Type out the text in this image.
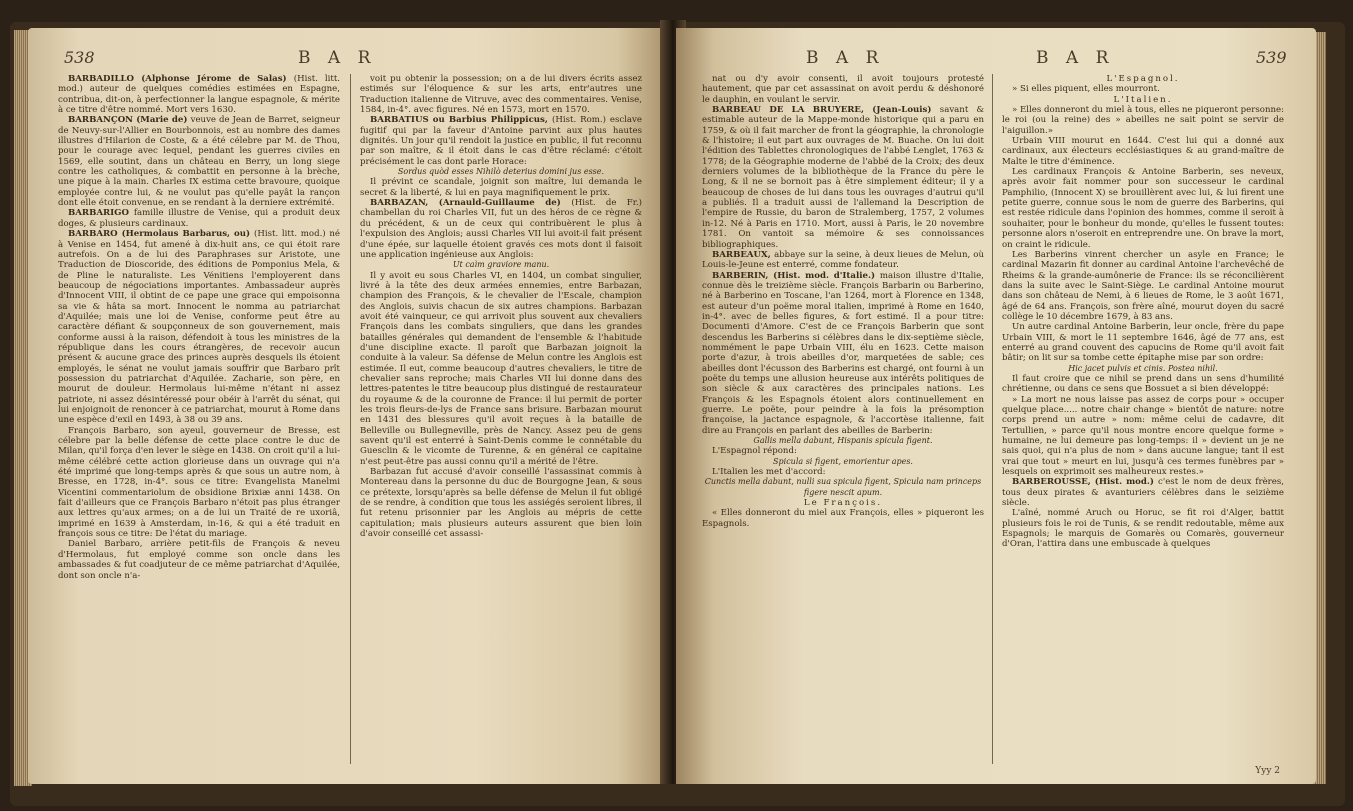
538	B A R

BARBADILLO (Alphonse Jérome de Salas) (Hist. litt. mod.) auteur de quelques comédies estimées en Espagne, contribua, dit-on, à perfectionner la langue espagnole, & mérite à ce titre d'être nommé. Mort vers 1630.

BARBANÇON (Marie de) veuve de Jean de Barret, seigneur de Neuvy-sur-l'Allier en Bourbonnois, est au nombre des dames illustres d'Hilarion de Coste, & a été célebre par M. de Thou, pour le courage avec lequel, pendant les guerres civiles en 1569, elle soutint, dans un château en Berry, un long siege contre les catholiques, & combattit en personne à la brèche, une pique à la main. Charles IX estima cette bravoure, quoique employée contre lui, & ne voulut pas qu'elle payât la rançon dont elle étoit convenue, en se rendant à la derniere extrémité.

BARBARIGO famille illustre de Venise, qui a produit deux doges, & plusieurs cardinaux.

BARBARO (Hermolaus Barbarus, ou) (Hist. litt. mod.) né à Venise en 1454, fut amené à dix-huit ans, ce qui étoit rare autrefois. On a de lui des Paraphrases sur Aristote, une Traduction de Dioscoride, des éditions de Pomponius Mela, & de Pline le naturaliste. Les Vénitiens l'employerent dans beaucoup de négociations importantes. Ambassadeur auprès d'Innocent VIII, il obtint de ce pape une grace qui empoisonna sa vie & hâta sa mort. Innocent le nomma au patriarchat d'Aquilée; mais une loi de Venise, conforme peut être au caractère défiant & soupçonneux de son gouvernement, mais conforme aussi à la raison, défendoit à tous les ministres de la république dans les cours étrangères, de recevoir aucun présent & aucune grace des princes auprès desquels ils étoient employés, le sénat ne voulut jamais souffrir que Barbaro prît possession du patriarchat d'Aquilée. Zacharie, son père, en mourut de douleur. Hermolaus lui-même n'étant ni assez patriote, ni assez désintéressé pour obéir à l'arrêt du sénat, qui lui enjoignoit de renoncer à ce patriarchat, mourut à Rome dans une espèce d'exil en 1493, à 38 ou 39 ans.

François Barbaro, son ayeul, gouverneur de Bresse, est célebre par la belle défense de cette place contre le duc de Milan, qu'il força d'en lever le siège en 1438. On croit qu'il a lui-même célébré cette action glorieuse dans un ouvrage qui n'a été imprimé que long-temps après & que sous un autre nom, à Bresse, en 1728, in-4°. sous ce titre: Evangelista Manelmi Vicentini commentariolum de obsidione Brixiæ anni 1438. On fait d'ailleurs que ce François Barbaro n'étoit pas plus étranger aux lettres qu'aux armes; on a de lui un Traité de re uxoriâ, imprimé en 1639 à Amsterdam, in-16, & qui a été traduit en françois sous ce titre: De l'état du mariage.

Daniel Barbaro, arrière petit-fils de François & neveu d'Hermolaus, fut employé comme son oncle dans les ambassades & fut coadjuteur de ce même patriarchat d'Aquilée, dont son oncle n'a-

voit pu obtenir la possession; on a de lui divers écrits assez estimés sur l'éloquence & sur les arts, entr'autres une Traduction italienne de Vitruve, avec des commentaires. Venise, 1584, in-4°. avec figures. Né en 1573, mort en 1570.

BARBATIUS ou Barbius Philippicus, (Hist. Rom.) esclave fugitif qui par la faveur d'Antoine parvint aux plus hautes dignités. Un jour qu'il rendoit la justice en public, il fut reconnu par son maître, & il étoit dans le cas d'être réclamé: c'étoit précisément le cas dont parle Horace:

Sordus quòd esses Nihilò deterius domini jus esse.

Il prévint ce scandale, joignit son maître, lui demanda le secret & la liberté, & lui en paya magnifiquement le prix.

BARBAZAN, (Arnauld-Guillaume de) (Hist. de Fr.) chambellan du roi Charles VII, fut un des héros de ce règne & du précédent, & un de ceux qui contribuèrent le plus à l'expulsion des Anglois; aussi Charles VII lui avoit-il fait présent d'une épée, sur laquelle étoient gravés ces mots dont il faisoit une application ingénieuse aux Anglois:

Ut caìm graviore manu.

Il y avoit eu sous Charles VI, en 1404, un combat singulier, livré à la tête des deux armées ennemies, entre Barbazan, champion des François, & le chevalier de l'Escale, champion des Anglois, suivis chacun de six autres champions. Barbazan avoit été vainqueur, ce qui arrivoit plus souvent aux chevaliers François dans les combats singuliers, que dans les grandes batailles générales qui demandent de l'ensemble & l'habitude d'une discipline exacte. Il paroît que Barbazan joignoit la conduite à la valeur. Sa défense de Melun contre les Anglois est estimée. Il eut, comme beaucoup d'autres chevaliers, le titre de chevalier sans reproche; mais Charles VII lui donne dans des lettres-patentes le titre beaucoup plus distingué de restaurateur du royaume & de la couronne de France: il lui permit de porter les trois fleurs-de-lys de France sans brisure. Barbazan mourut en 1431 des blessures qu'il avoit reçues à la bataille de Belleville ou Bullegneville, près de Nancy. Assez peu de gens savent qu'il est enterré à Saint-Denis comme le connétable du Guesclin & le vicomte de Turenne, & en général ce capitaine n'est peut-être pas aussi connu qu'il a mérité de l'être.

Barbazan fut accusé d'avoir conseillé l'assassinat commis à Montereau dans la personne du duc de Bourgogne Jean, & sous ce prétexte, lorsqu'après sa belle défense de Melun il fut obligé de se rendre, à condition que tous les assiégés seroient libres, il fut retenu prisonnier par les Anglois au mépris de cette capitulation; mais plusieurs auteurs assurent que bien loin d'avoir conseillé cet assassi-

B A R	B A R	539

nat ou d'y avoir consenti, il avoit toujours protesté hautement, que par cet assassinat on avoit perdu & déshonoré le dauphin, en voulant le servir.

BARBEAU DE LA BRUYERE, (Jean-Louis) savant & estimable auteur de la Mappe-monde historique qui a paru en 1759, & où il fait marcher de front la géographie, la chronologie & l'histoire; il eut part aux ouvrages de M. Buache. On lui doit l'édition des Tablettes chronologiques de l'abbé Lenglet, 1763 & 1778; de la Géographie moderne de l'abbé de la Croix; des deux derniers volumes de la bibliothèque de la France du père le Long, & il ne se bornoit pas à être simplement éditeur; il y a beaucoup de choses de lui dans tous les ouvrages d'autrui qu'il a publiés. Il a traduit aussi de l'allemand la Description de l'empire de Russie, du baron de Stralemberg, 1757, 2 volumes in-12. Né à Paris en 1710. Mort, aussi à Paris, le 20 novembre 1781. On vantoit sa mémoire & ses connoissances bibliographiques.

BARBEAUX, abbaye sur la seine, à deux lieues de Melun, où Louis-le-Jeune est enterré, comme fondateur.

BARBERIN, (Hist. mod. d'Italie.) maison illustre d'Italie, connue dès le treizième siècle. François Barbarin ou Barberino, né à Barberino en Toscane, l'an 1264, mort à Florence en 1348, est auteur d'un poëme moral italien, imprimé à Rome en 1640, in-4°. avec de belles figures, & fort estimé. Il a pour titre: Documenti d'Amore. C'est de ce François Barberin que sont descendus les Barberins si célèbres dans le dix-septième siècle, nommément le pape Urbain VIII, élu en 1623. Cette maison porte d'azur, à trois abeilles d'or, marquetées de sable; ces abeilles dont l'écusson des Barberins est chargé, ont fourni à un poëte du temps une allusion heureuse aux intérêts politiques de son siècle & aux caractères des principales nations. Les François & les Espagnols étoient alors continuellement en guerre. Le poëte, pour peindre à la fois la présomption françoise, la jactance espagnole, & l'accortèse italienne, fait dire au François en parlant des abeilles de Barberin:

Gallis mella dabunt, Hispanis spicula figent.

L'Espagnol répond:

Spicula si figent, emorientur apes.

L'Italien les met d'accord:

Cunctis mella dabunt, nulli sua spicula figent, Spicula nam princeps figere nescit apum.

Le François.

« Elles donneront du miel aux François, elles » piqueront les Espagnols.

L'Espagnol.

» Si elles piquent, elles mourront.

L'Italien.

» Elles donneront du miel à tous, elles ne piqueront personne: le roi (ou la reine) des » abeilles ne sait point se servir de l'aiguillon.»

Urbain VIII mourut en 1644. C'est lui qui a donné aux cardinaux, aux électeurs ecclésiastiques & au grand-maître de Malte le titre d'éminence.

Les cardinaux François & Antoine Barberin, ses neveux, après avoir fait nommer pour son successeur le cardinal Pamphilio, (Innocent X) se brouillèrent avec lui, & lui firent une petite guerre, connue sous le nom de guerre des Barberins, qui est restée ridicule dans l'opinion des hommes, comme il seroit à souhaiter, pour le bonheur du monde, qu'elles le fussent toutes: personne alors n'oseroit en entreprendre une. On brave la mort, on craint le ridicule.

Les Barberins vinrent chercher un asyle en France; le cardinal Mazarin fit donner au cardinal Antoine l'archevêché de Rheims & la grande-aumônerie de France: ils se réconcilièrent dans la suite avec le Saint-Siège. Le cardinal Antoine mourut dans son château de Nemi, à 6 lieues de Rome, le 3 août 1671, âgé de 64 ans. François, son frère aîné, mourut doyen du sacré collège le 10 décembre 1679, à 83 ans.

Un autre cardinal Antoine Barberin, leur oncle, frère du pape Urbain VIII, & mort le 11 septembre 1646, âgé de 77 ans, est enterré au grand couvent des capucins de Rome qu'il avoit fait bâtir; on lit sur sa tombe cette épitaphe mise par son ordre:

Hic jacet pulvis et cinis. Postea nihil.

Il faut croire que ce nihil se prend dans un sens d'humilité chrétienne, ou dans ce sens que Bossuet a si bien développé:

» La mort ne nous laisse pas assez de corps pour » occuper quelque place..... notre chair change » bientôt de nature: notre corps prend un autre » nom: même celui de cadavre, dit Tertullien, » parce qu'il nous montre encore quelque forme » humaine, ne lui demeure pas long-temps: il » devient un je ne sais quoi, qui n'a plus de nom » dans aucune langue; tant il est vrai que tout » meurt en lui, jusqu'à ces termes funèbres par » lesquels on exprimoit ses malheureux restes.»

BARBEROUSSE, (Hist. mod.) c'est le nom de deux frères, tous deux pirates & avanturiers célèbres dans le seizième siècle.

L'aîné, nommé Aruch ou Horuc, se fit roi d'Alger, battit plusieurs fois le roi de Tunis, & se rendit redoutable, même aux Espagnols; le marquis de Gomarès ou Comarès, gouverneur d'Oran, l'attira dans une embuscade à quelques

Yyy 2
